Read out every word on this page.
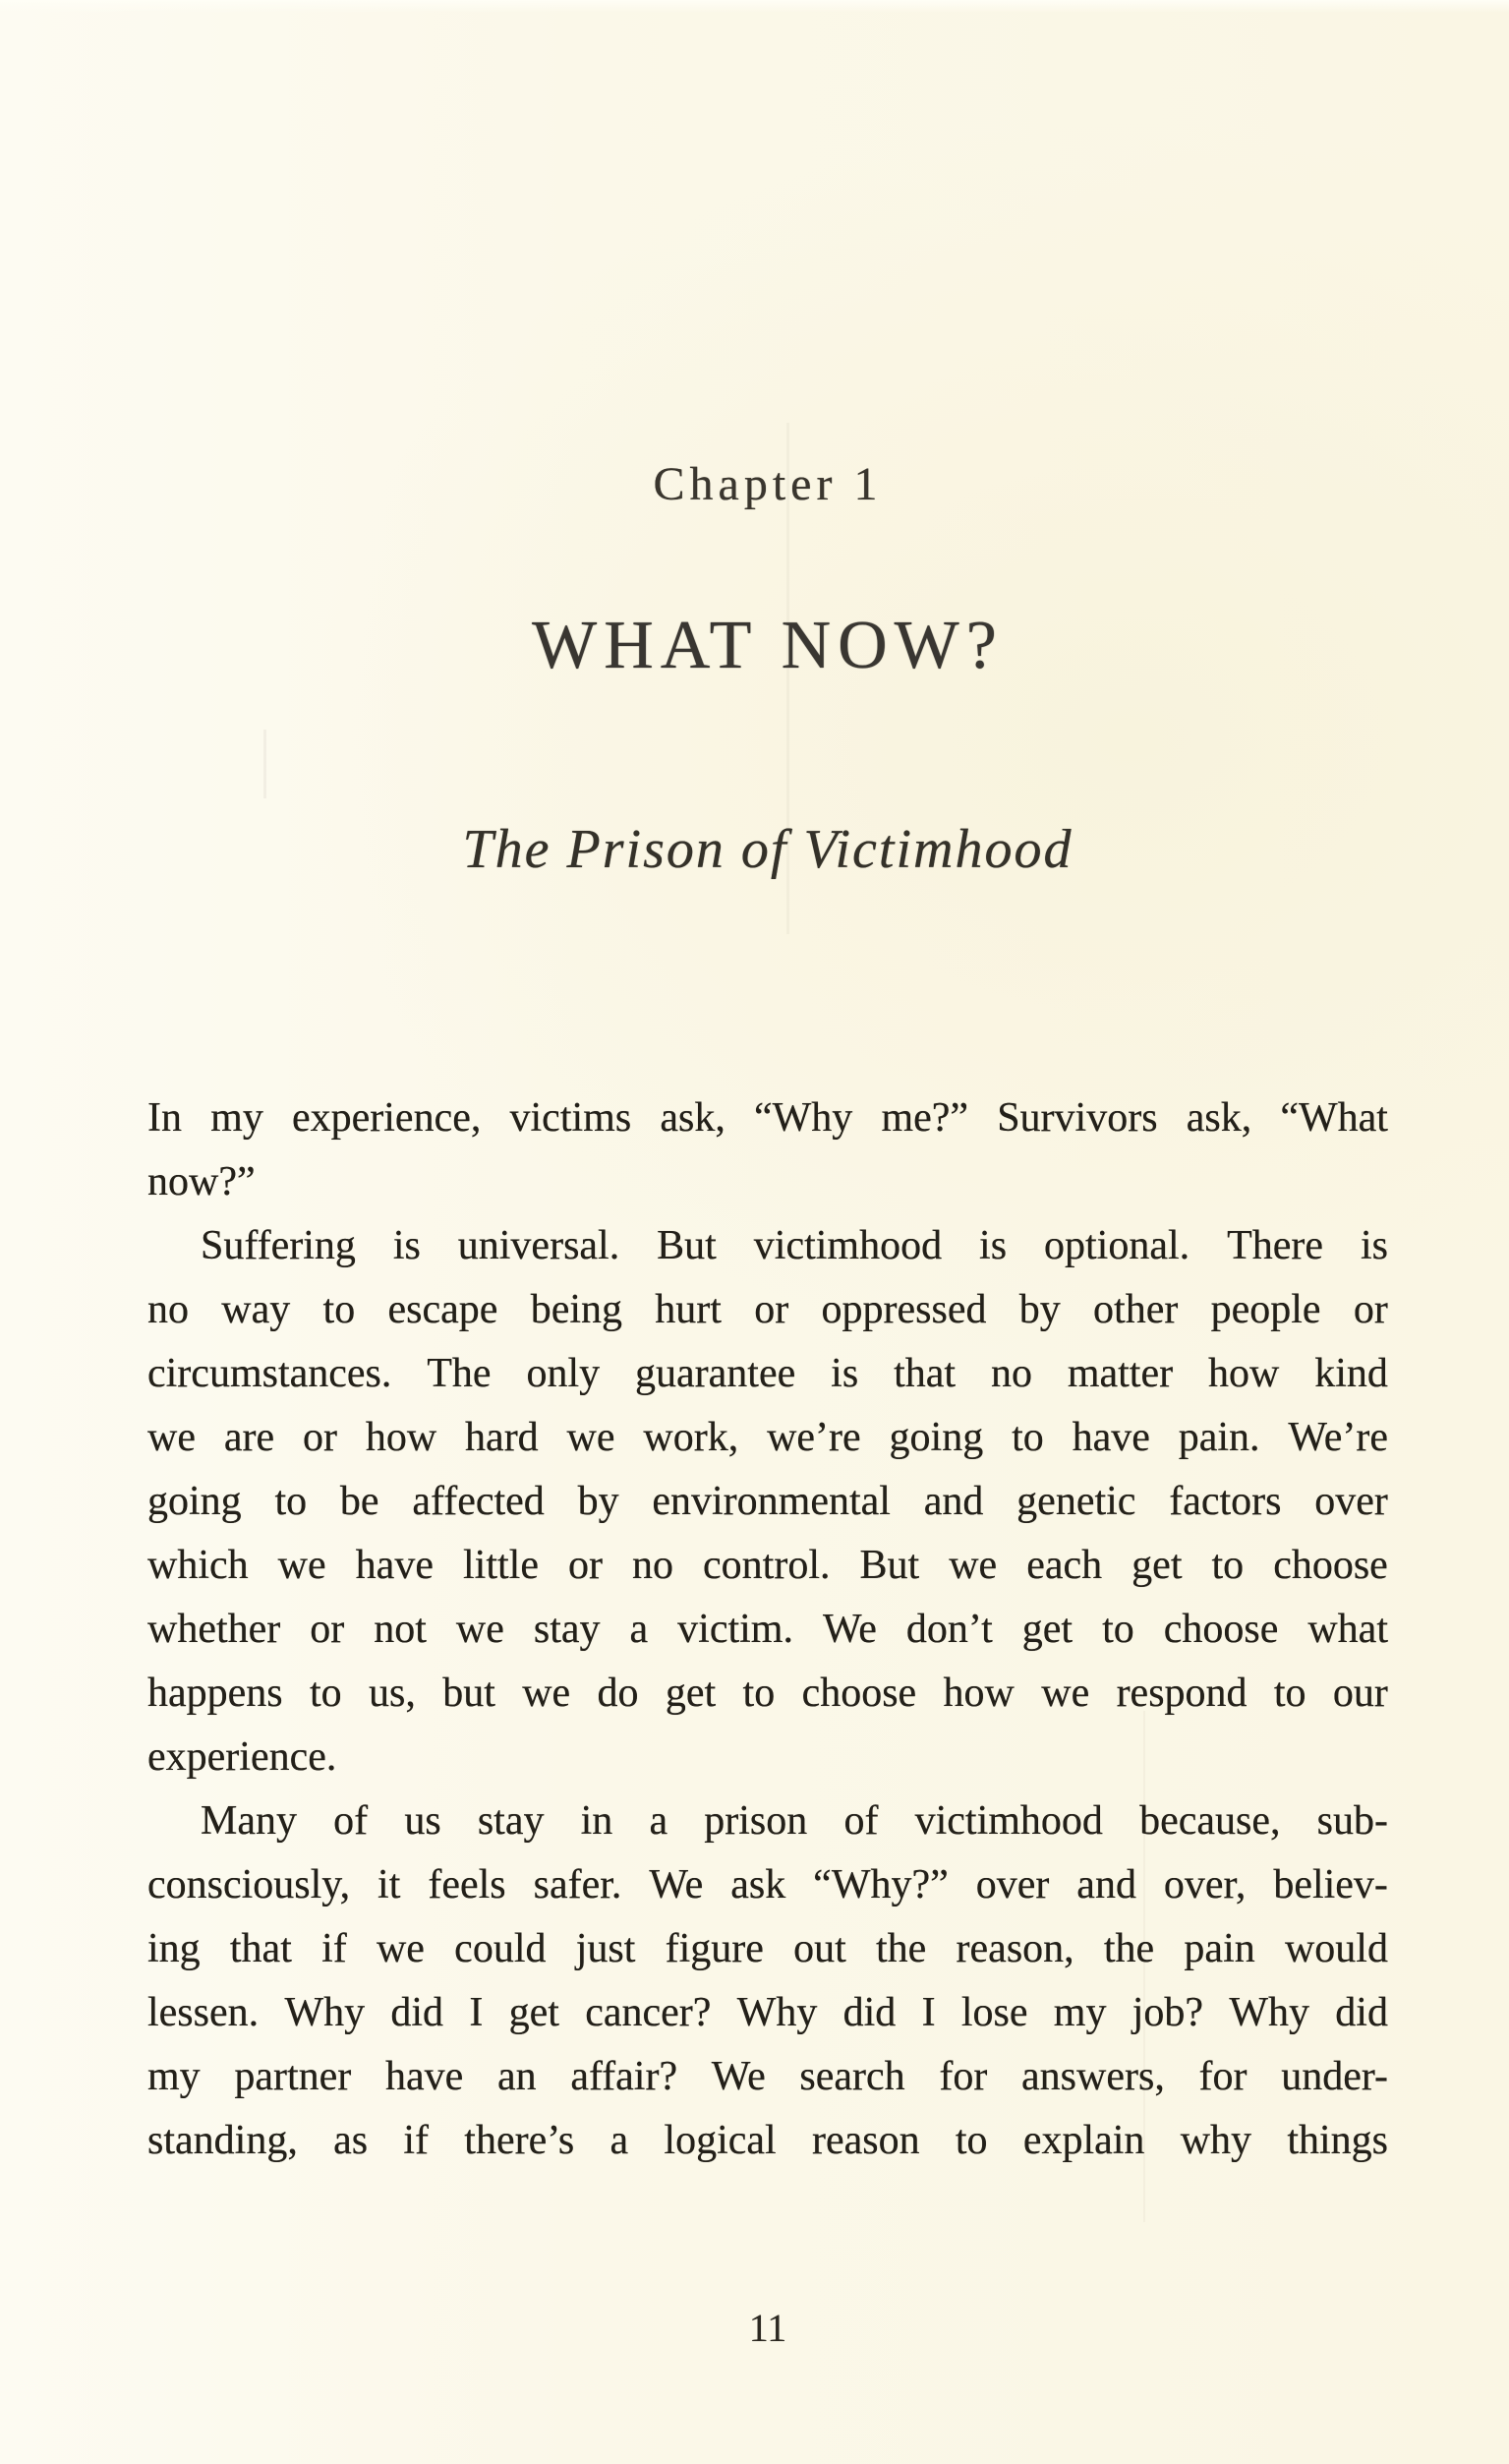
Chapter 1
WHAT NOW?
The Prison of Victimhood
In my experience, victims ask, “Why me?” Survivors ask, “What
now?”
Suffering is universal. But victimhood is optional. There is
no way to escape being hurt or oppressed by other people or
circumstances. The only guarantee is that no matter how kind
we are or how hard we work, we’re going to have pain. We’re
going to be affected by environmental and genetic factors over
which we have little or no control. But we each get to choose
whether or not we stay a victim. We don’t get to choose what
happens to us, but we do get to choose how we respond to our
experience.
Many of us stay in a prison of victimhood because, sub-
consciously, it feels safer. We ask “Why?” over and over, believ-
ing that if we could just figure out the reason, the pain would
lessen. Why did I get cancer? Why did I lose my job? Why did
my partner have an affair? We search for answers, for under-
standing, as if there’s a logical reason to explain why things
11
